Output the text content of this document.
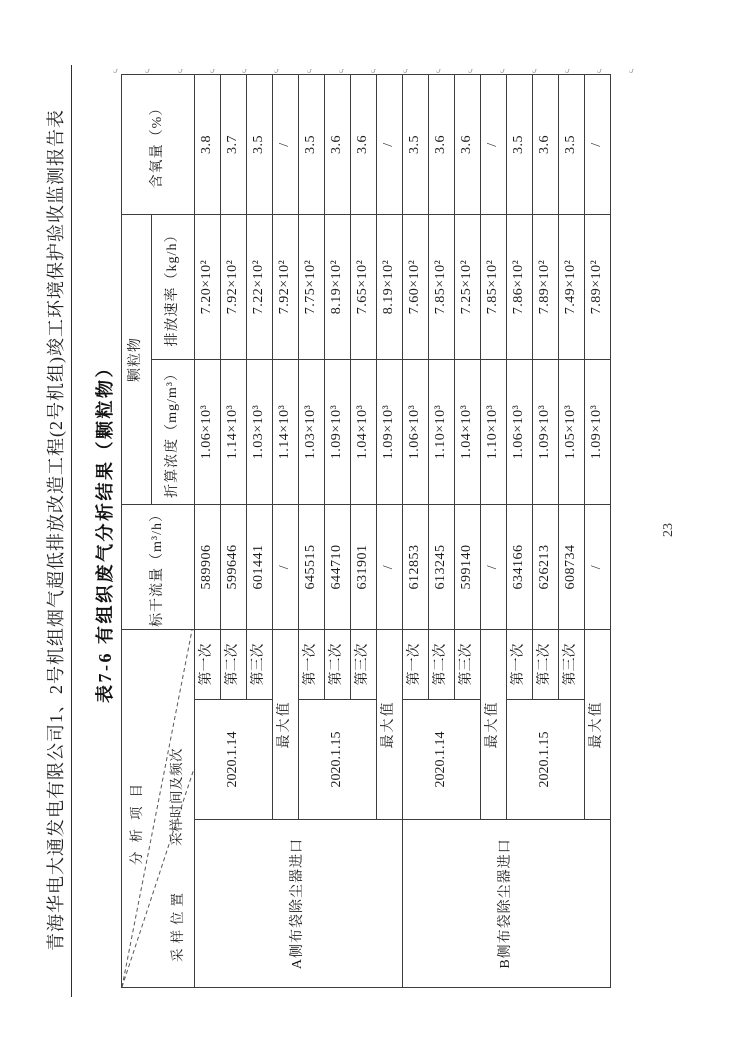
青海华电大通发电有限公司1、2号机组烟气超低排放改造工程(2号机组)竣工环境保护验收监测报告表 表7-6 有组织废气分析结果（颗粒物）
分析项目 采样时间及频次
采样位置			标干流量（m³/h）	颗粒物		含氧量（%）
				折算浓度（mg/m³）	排放速率（kg/h）	
A侧布袋除尘器进口	2020.1.14	第一次	589906	1.06×10³	7.20×10²	3.8
		第二次	599646	1.14×10³	7.92×10²	3.7
		第三次	601441	1.03×10³	7.22×10²	3.5
	最大值		/	1.14×10³	7.92×10²	/
	2020.1.15	第一次	645515	1.03×10³	7.75×10²	3.5
		第二次	644710	1.09×10³	8.19×10²	3.6
		第三次	631901	1.04×10³	7.65×10²	3.6
	最大值		/	1.09×10³	8.19×10²	/
B侧布袋除尘器进口	2020.1.14	第一次	612853	1.06×10³	7.60×10²	3.5
		第二次	613245	1.10×10³	7.85×10²	3.6
		第三次	599140	1.04×10³	7.25×10²	3.6
	最大值		/	1.10×10³	7.85×10²	/
	2020.1.15	第一次	634166	1.06×10³	7.86×10²	3.5
		第二次	626213	1.09×10³	7.89×10²	3.6
		第三次	608734	1.05×10³	7.49×10²	3.5
	最大值		/	1.09×10³	7.89×10²	/
ς
ς
ς
ς
ς
ς
ς
ς
ς
ς
ς
ς
ς
ς
ς
ς
ς
23
